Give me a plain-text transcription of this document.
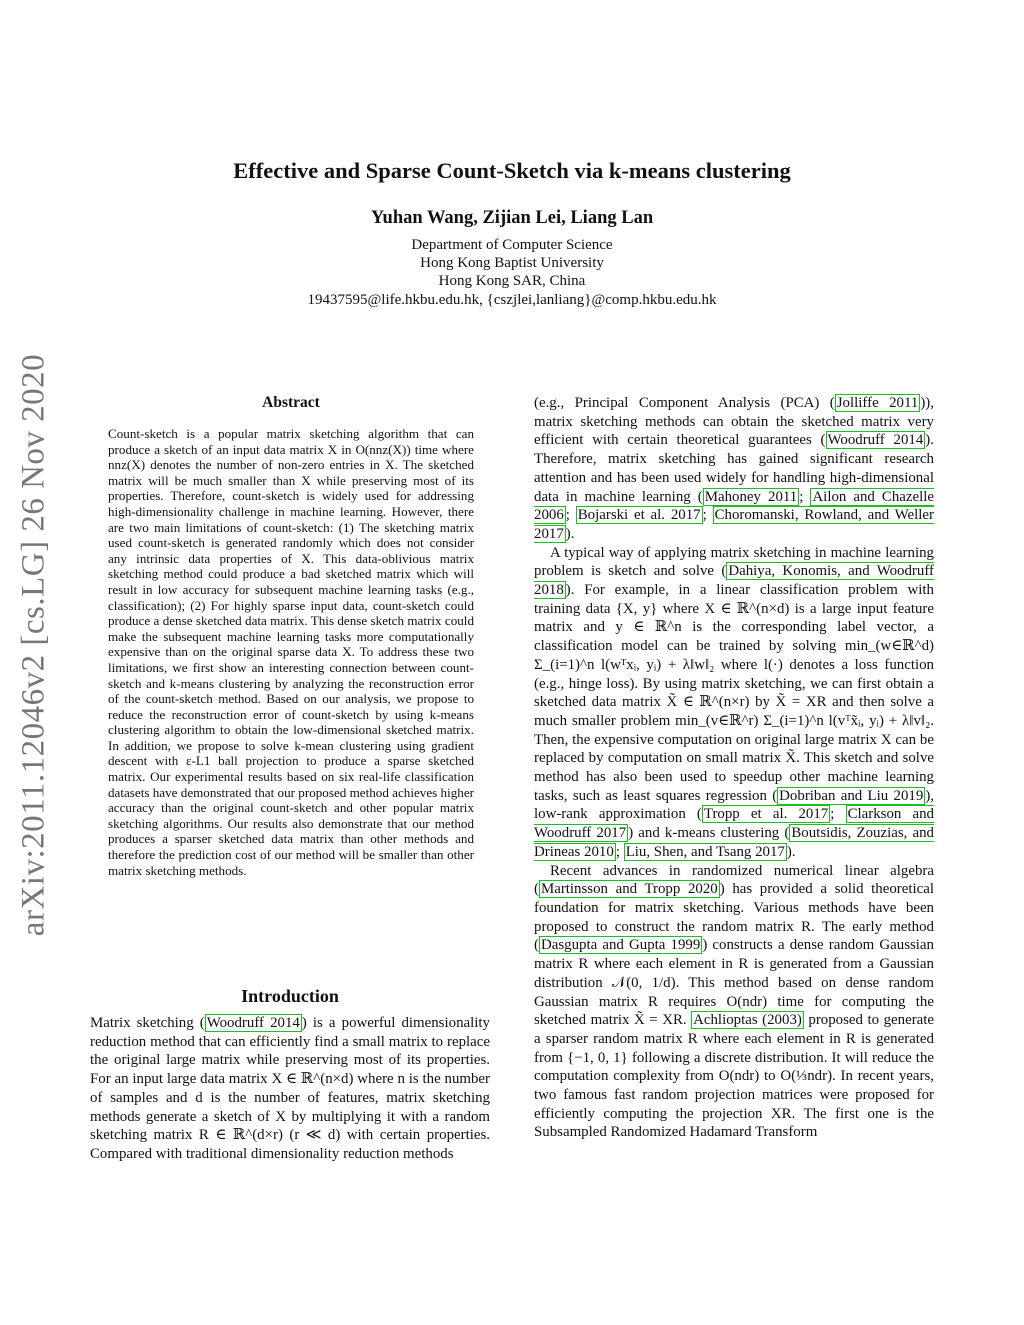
arXiv:2011.12046v2 [cs.LG] 26 Nov 2020
Effective and Sparse Count-Sketch via k-means clustering
Yuhan Wang, Zijian Lei, Liang Lan
Department of Computer Science
Hong Kong Baptist University
Hong Kong SAR, China
19437595@life.hkbu.edu.hk, {cszjlei,lanliang}@comp.hkbu.edu.hk
Abstract

Count-sketch is a popular matrix sketching algorithm that can produce a sketch of an input data matrix X in O(nnz(X)) time where nnz(X) denotes the number of non-zero entries in X. The sketched matrix will be much smaller than X while preserving most of its properties. Therefore, count-sketch is widely used for addressing high-dimensionality challenge in machine learning. However, there are two main limitations of count-sketch: (1) The sketching matrix used count-sketch is generated randomly which does not consider any intrinsic data properties of X. This data-oblivious matrix sketching method could produce a bad sketched matrix which will result in low accuracy for subsequent machine learning tasks (e.g., classification); (2) For highly sparse input data, count-sketch could produce a dense sketched data matrix. This dense sketch matrix could make the subsequent machine learning tasks more computationally expensive than on the original sparse data X. To address these two limitations, we first show an interesting connection between count-sketch and k-means clustering by analyzing the reconstruction error of the count-sketch method. Based on our analysis, we propose to reduce the reconstruction error of count-sketch by using k-means clustering algorithm to obtain the low-dimensional sketched matrix. In addition, we propose to solve k-mean clustering using gradient descent with ε-L1 ball projection to produce a sparse sketched matrix. Our experimental results based on six real-life classification datasets have demonstrated that our proposed method achieves higher accuracy than the original count-sketch and other popular matrix sketching algorithms. Our results also demonstrate that our method produces a sparser sketched data matrix than other methods and therefore the prediction cost of our method will be smaller than other matrix sketching methods.

Introduction

Matrix sketching ( Woodruff 2014 ) is a powerful dimensionality reduction method that can efficiently find a small matrix to replace the original large matrix while preserving most of its properties. For an input large data matrix X ∈ ℝ^(n×d) where n is the number of samples and d is the number of features, matrix sketching methods generate a sketch of X by multiplying it with a random sketching matrix R ∈ ℝ^(d×r) (r ≪ d) with certain properties. Compared with traditional dimensionality reduction methods

(e.g., Principal Component Analysis (PCA) ( Jolliffe 2011 )), matrix sketching methods can obtain the sketched matrix very efficient with certain theoretical guarantees ( Woodruff 2014 ). Therefore, matrix sketching has gained significant research attention and has been used widely for handling high-dimensional data in machine learning ( Mahoney 2011 ; Ailon and Chazelle 2006 ; Bojarski et al. 2017 ; Choromanski, Rowland, and Weller 2017 ).

A typical way of applying matrix sketching in machine learning problem is sketch and solve ( Dahiya, Konomis, and Woodruff 2018 ). For example, in a linear classification problem with training data {X, y} where X ∈ ℝ^(n×d) is a large input feature matrix and y ∈ ℝ^n is the corresponding label vector, a classification model can be trained by solving min_(w∈ℝ^d) Σ_(i=1)^n l(wᵀxᵢ, yᵢ) + λ‖w‖₂ where l(·) denotes a loss function (e.g., hinge loss). By using matrix sketching, we can first obtain a sketched data matrix X̃ ∈ ℝ^(n×r) by X̃ = XR and then solve a much smaller problem min_(v∈ℝ^r) Σ_(i=1)^n l(vᵀx̃ᵢ, yᵢ) + λ‖v‖₂. Then, the expensive computation on original large matrix X can be replaced by computation on small matrix X̃. This sketch and solve method has also been used to speedup other machine learning tasks, such as least squares regression ( Dobriban and Liu 2019 ), low-rank approximation ( Tropp et al. 2017 ; Clarkson and Woodruff 2017 ) and k-means clustering ( Boutsidis, Zouzias, and Drineas 2010 ; Liu, Shen, and Tsang 2017 ).

Recent advances in randomized numerical linear algebra ( Martinsson and Tropp 2020 ) has provided a solid theoretical foundation for matrix sketching. Various methods have been proposed to construct the random matrix R. The early method ( Dasgupta and Gupta 1999 ) constructs a dense random Gaussian matrix R where each element in R is generated from a Gaussian distribution 𝒩(0, 1/d). This method based on dense random Gaussian matrix R requires O(ndr) time for computing the sketched matrix X̃ = XR. Achlioptas (2003) proposed to generate a sparser random matrix R where each element in R is generated from {−1, 0, 1} following a discrete distribution. It will reduce the computation complexity from O(ndr) to O(⅓ndr). In recent years, two famous fast random projection matrices were proposed for efficiently computing the projection XR. The first one is the Subsampled Randomized Hadamard Transform
